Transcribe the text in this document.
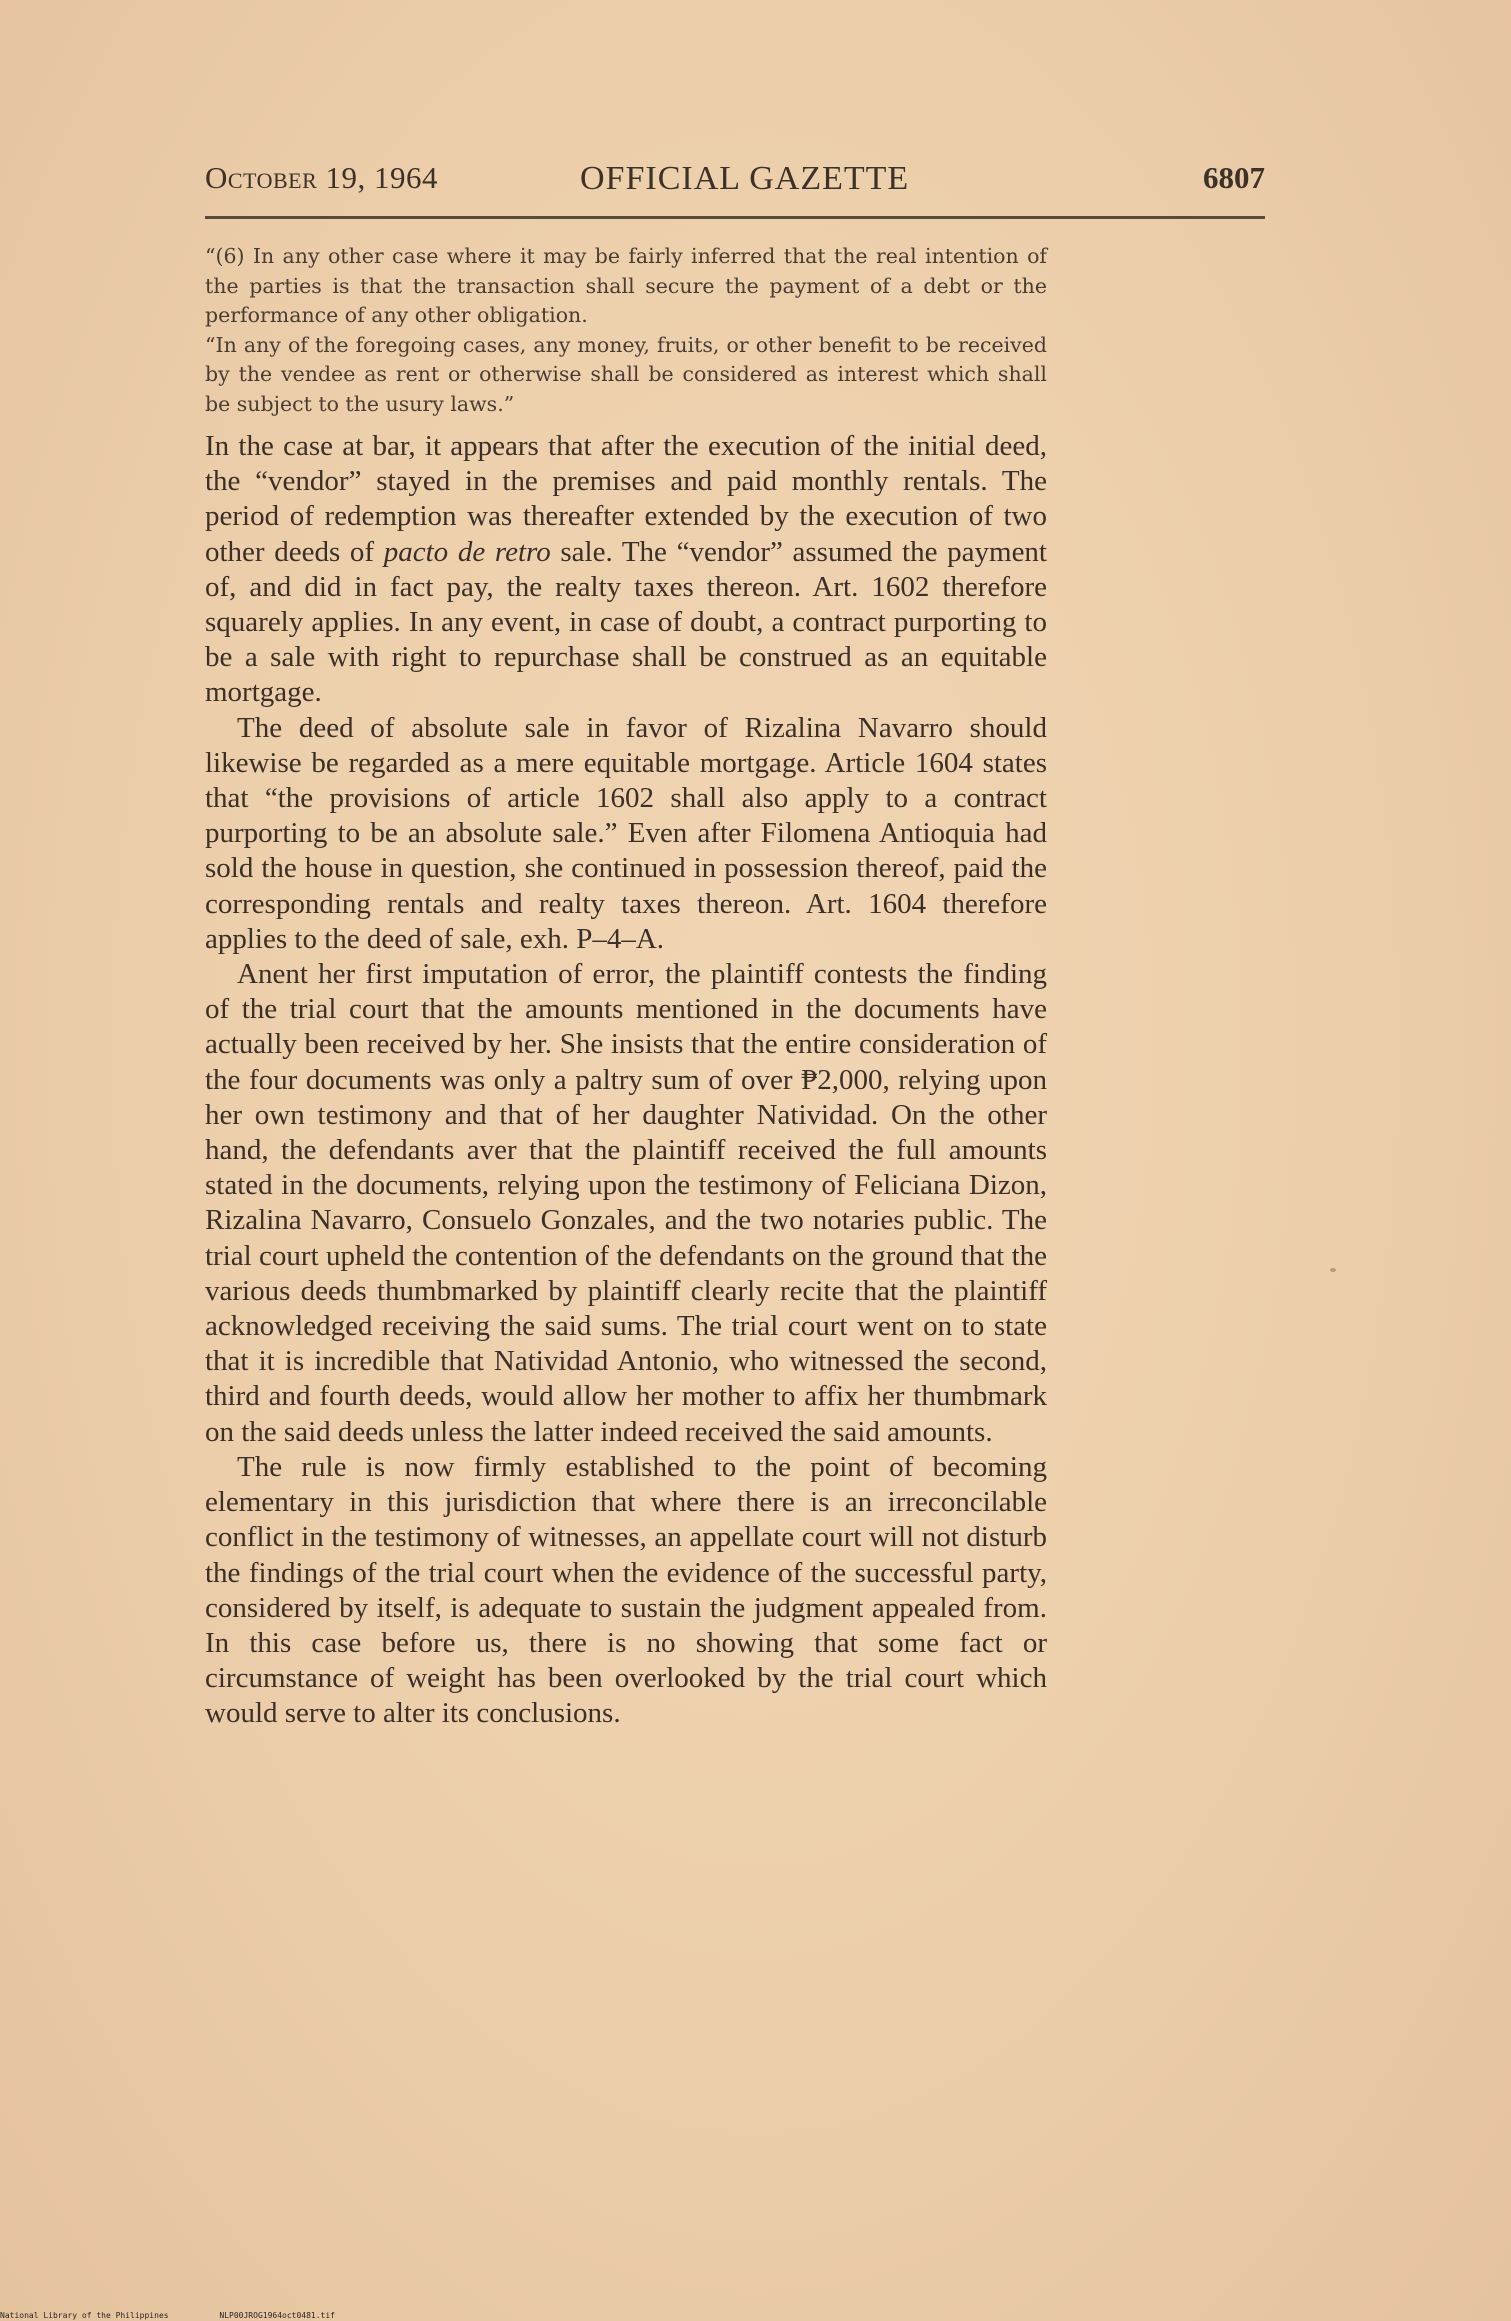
October 19, 1964	OFFICIAL GAZETTE	6807

“(6) In any other case where it may be fairly inferred that the real intention of the parties is that the transaction shall secure the payment of a debt or the performance of any other obligation.

“In any of the foregoing cases, any money, fruits, or other benefit to be received by the vendee as rent or otherwise shall be considered as interest which shall be subject to the usury laws.”

In the case at bar, it appears that after the execution of the initial deed, the “vendor” stayed in the premises and paid monthly rentals. The period of redemption was thereafter extended by the execution of two other deeds of pacto de retro sale. The “vendor” assumed the payment of, and did in fact pay, the realty taxes thereon. Art. 1602 therefore squarely applies. In any event, in case of doubt, a contract purporting to be a sale with right to repurchase shall be construed as an equitable mortgage.

The deed of absolute sale in favor of Rizalina Navarro should likewise be regarded as a mere equitable mortgage. Article 1604 states that “the provisions of article 1602 shall also apply to a contract purporting to be an absolute sale.” Even after Filomena Antioquia had sold the house in question, she continued in possession thereof, paid the corresponding rentals and realty taxes thereon. Art. 1604 therefore applies to the deed of sale, exh. P–4–A.

Anent her first imputation of error, the plaintiff contests the finding of the trial court that the amounts mentioned in the documents have actually been received by her. She insists that the entire consideration of the four documents was only a paltry sum of over ₱2,000, relying upon her own testimony and that of her daughter Natividad. On the other hand, the defendants aver that the plaintiff received the full amounts stated in the documents, relying upon the testimony of Feliciana Dizon, Rizalina Navarro, Consuelo Gonzales, and the two notaries public. The trial court upheld the contention of the defendants on the ground that the various deeds thumbmarked by plaintiff clearly recite that the plaintiff acknowledged receiving the said sums. The trial court went on to state that it is incredible that Natividad Antonio, who witnessed the second, third and fourth deeds, would allow her mother to affix her thumbmark on the said deeds unless the latter indeed received the said amounts.

The rule is now firmly established to the point of becoming elementary in this jurisdiction that where there is an irreconcilable conflict in the testimony of witnesses, an appellate court will not disturb the findings of the trial court when the evidence of the successful party, considered by itself, is adequate to sustain the judgment appealed from. In this case before us, there is no showing that some fact or circumstance of weight has been overlooked by the trial court which would serve to alter its conclusions.

National Library of the Philippines	NLP00JROG1964oct0481.tif
